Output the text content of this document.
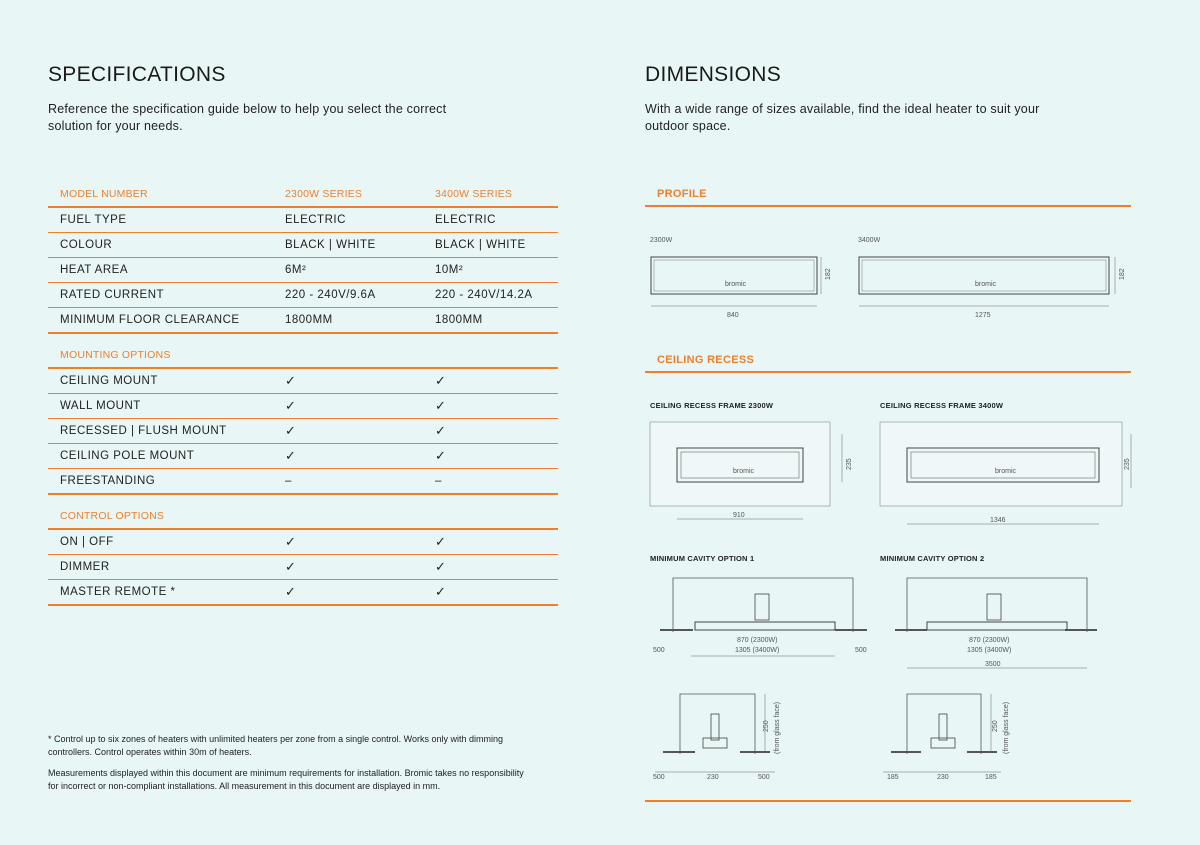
SPECIFICATIONS
Reference the specification guide below to help you select the correct solution for your needs.
MODEL NUMBER	2300W SERIES	3400W SERIES
FUEL TYPE	ELECTRIC	ELECTRIC
COLOUR	BLACK | WHITE	BLACK | WHITE
HEAT AREA	6M²	10M²
RATED CURRENT	220 - 240V/9.6A	220 - 240V/14.2A
MINIMUM FLOOR CLEARANCE	1800MM	1800MM
MOUNTING OPTIONS
CEILING MOUNT	✓	✓
WALL MOUNT	✓	✓
RECESSED | FLUSH MOUNT	✓	✓
CEILING POLE MOUNT	✓	✓
FREESTANDING	–	–
CONTROL OPTIONS
ON | OFF	✓	✓
DIMMER	✓	✓
MASTER REMOTE *	✓	✓
* Control up to six zones of heaters with unlimited heaters per zone from a single control. Works only with dimming controllers. Control operates within 30m of heaters.
Measurements displayed within this document are minimum requirements for installation. Bromic takes no responsibility for incorrect or non-compliant installations. All measurement in this document are displayed in mm.
DIMENSIONS
With a wide range of sizes available, find the ideal heater to suit your outdoor space.
PROFILE
2300W	3400W
bromic
182
840
bromic
182
1275
CEILING RECESS
CEILING RECESS FRAME 2300W	CEILING RECESS FRAME 3400W
bromic
235
910
bromic
235
1346
MINIMUM CAVITY OPTION 1	MINIMUM CAVITY OPTION 2
870 (2300W)
1305 (3400W)
500	500
870 (2300W)
1305 (3400W)
3500
250 (from glass face)
500	230	500
250 (from glass face)
185	230	185
